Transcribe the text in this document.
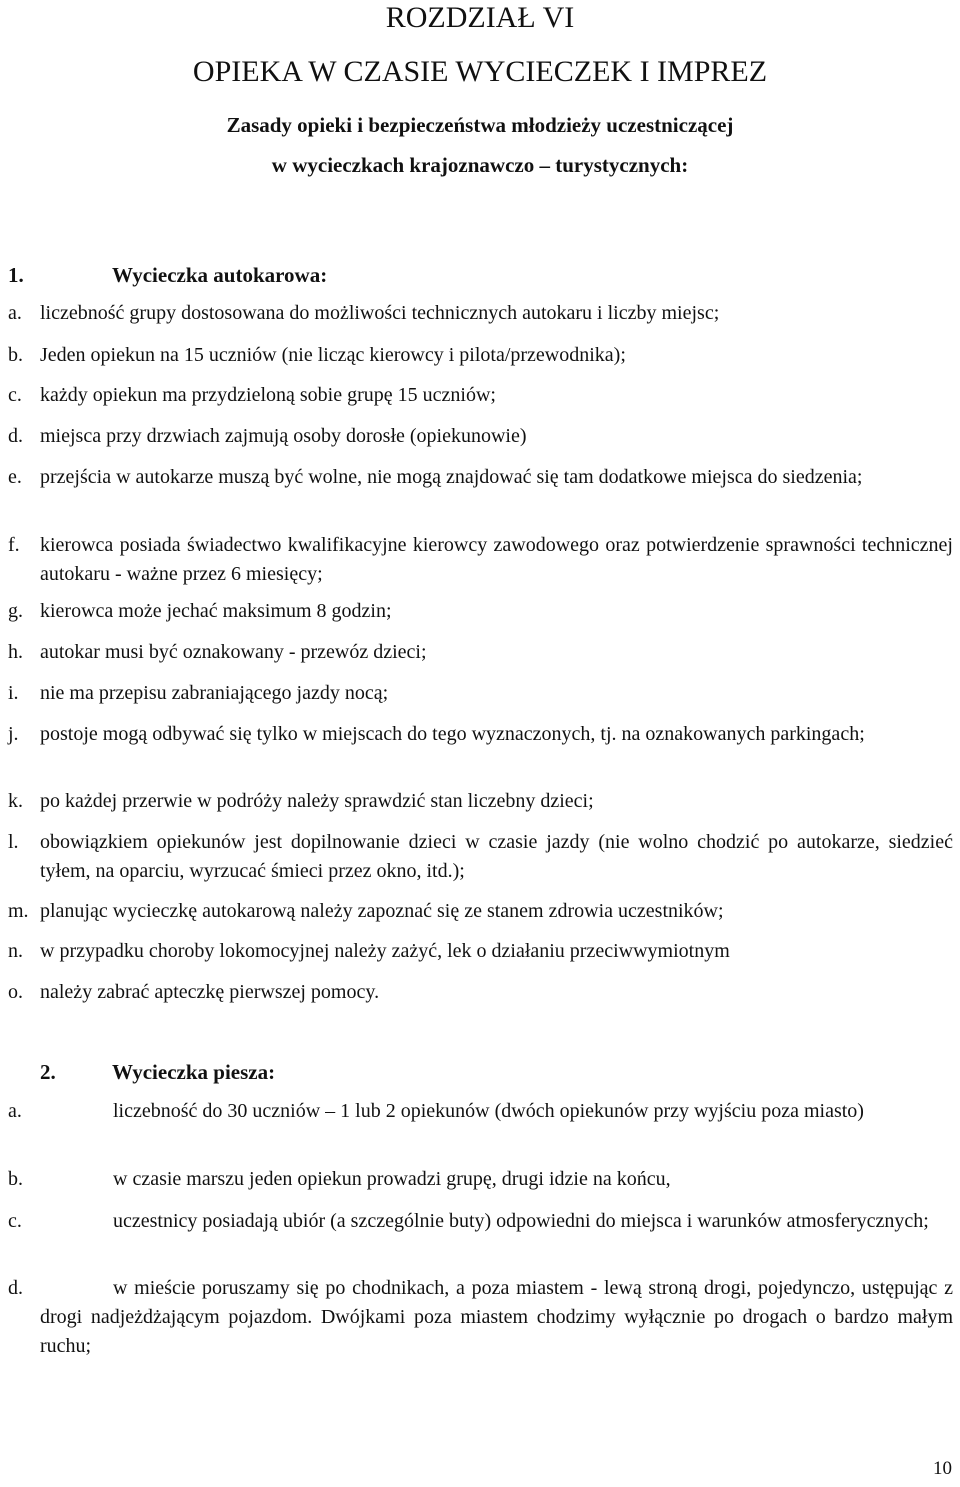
ROZDZIAŁ VI
OPIEKA W CZASIE WYCIECZEK I IMPREZ
Zasady opieki i bezpieczeństwa młodzieży uczestniczącej
w wycieczkach krajoznawczo – turystycznych:
1.	Wycieczka autokarowa:
a. liczebność grupy dostosowana do możliwości technicznych autokaru i liczby miejsc;
b. Jeden opiekun na 15 uczniów (nie licząc kierowcy i pilota/przewodnika);
c. każdy opiekun ma przydzieloną sobie grupę 15 uczniów;
d. miejsca przy drzwiach zajmują osoby dorosłe (opiekunowie)
e. przejścia w autokarze muszą być wolne, nie mogą znajdować się tam dodatkowe miejsca do siedzenia;
f. kierowca posiada świadectwo kwalifikacyjne kierowcy zawodowego oraz potwierdzenie sprawności technicznej autokaru - ważne przez 6 miesięcy;
g. kierowca może jechać maksimum 8 godzin;
h. autokar musi być oznakowany - przewóz dzieci;
i. nie ma przepisu zabraniającego jazdy nocą;
j. postoje mogą odbywać się tylko w miejscach do tego wyznaczonych, tj. na oznakowanych parkingach;
k. po każdej przerwie w podróży należy sprawdzić stan liczebny dzieci;
l. obowiązkiem opiekunów jest dopilnowanie dzieci w czasie jazdy (nie wolno chodzić po autokarze, siedzieć tyłem, na oparciu, wyrzucać śmieci przez okno, itd.);
m. planując wycieczkę autokarową należy zapoznać się ze stanem zdrowia uczestników;
n. w przypadku choroby lokomocyjnej należy zażyć, lek o działaniu przeciwwymiotnym
o. należy zabrać apteczkę pierwszej pomocy.
2.	Wycieczka piesza:
a.	liczebność do 30 uczniów – 1 lub 2 opiekunów (dwóch opiekunów przy wyjściu poza miasto)
b.	w czasie marszu jeden opiekun prowadzi grupę, drugi idzie na końcu,
c.	uczestnicy posiadają ubiór (a szczególnie buty) odpowiedni do miejsca i warunków atmosferycznych;
d.	w mieście poruszamy się po chodnikach, a poza miastem - lewą stroną drogi, pojedynczo, ustępując z drogi nadjeżdżającym pojazdom. Dwójkami poza miastem chodzimy wyłącznie po drogach o bardzo małym ruchu;
10
